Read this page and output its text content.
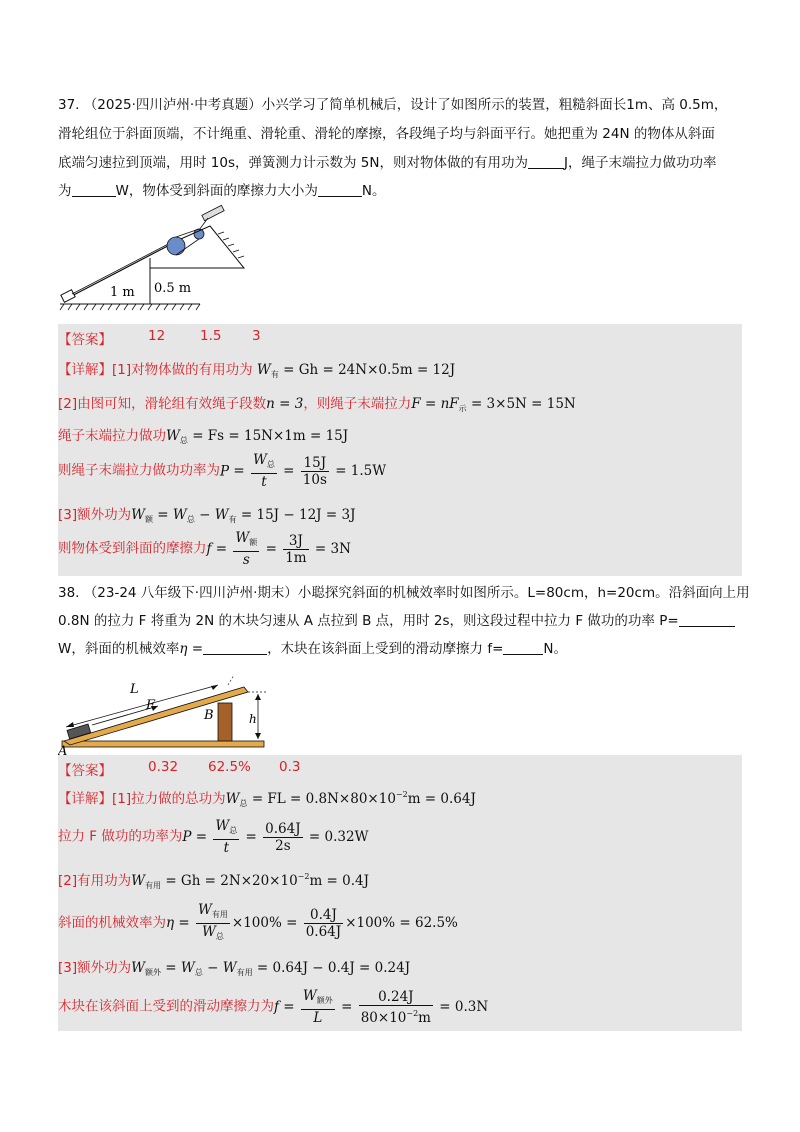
37. （2025·四川泸州·中考真题）小兴学习了简单机械后，设计了如图所示的装置，粗糙斜面长1m、高 0.5m，
滑轮组位于斜面顶端，不计绳重、滑轮重、滑轮的摩擦，各段绳子均与斜面平行。她把重为 24N 的物体从斜面
底端匀速拉到顶端，用时 10s，弹簧测力计示数为 5N，则对物体做的有用功为	J，绳子末端拉力做功功率
为	W，物体受到斜面的摩擦力大小为	N。
1 m 0.5 m
【答案】	12	1.5 3
【详解】[1]对物体做的有用功为 $W_有 = Gh = 24N\times 0.5m = 12J$
[2]由图可知，滑轮组有效绳子段数n = 3，则绳子末端拉力$F = nF_示 = 3\times 5N = 15N$
绳子末端拉力做功$W_总 = Fs = 15N\times 1m = 15J$
则绳子末端拉力做功功率为$P = \frac{W_总}{t} = \frac{15J}{10s} = 1.5W$
[3]额外功为$W_额 = W_总 - W_有 = 15J - 12J = 3J$
则物体受到斜面的摩擦力$f = \frac{W_额}{s} = \frac{3J}{1m} = 3N$
38. （23-24 八年级下·四川泸州·期末）小聪探究斜面的机械效率时如图所示。L=80cm，h=20cm。沿斜面向上用
0.8N 的拉力 F 将重为 2N 的木块匀速从 A 点拉到 B 点，用时 2s，则这段过程中拉力 F 做功的功率 P=
W，斜面的机械效率η =	，木块在该斜面上受到的滑动摩擦力 f=	N。
L
F
A
B	h
【答案】	0.32 62.5% 0.3
【详解】[1]拉力做的总功为$W_总$ = FL = $0.8N\times 80\times 10^{-2}m = 0.64J$
拉力 F 做功的功率为$P = \frac{W_总}{t} = \frac{0.64J}{2s} = 0.32W$
[2]有用功为$W_{有用} = Gh = 2N\times 20\times 10^{-2}m = 0.4J$
斜面的机械效率为$\eta = \frac{W_{有用}}{W_总} \times 100\% = \frac{0.4J}{0.64J} \times 100\% = 62.5\%$
[3]额外功为$W_{额外} = W_总 - W_{有用} = 0.64J - 0.4J = 0.24J$
木块在该斜面上受到的滑动摩擦力为$f = \frac{W_{额外}}{L} = \frac{0.24J}{80\times 10^{-2}m} = 0.3N$
